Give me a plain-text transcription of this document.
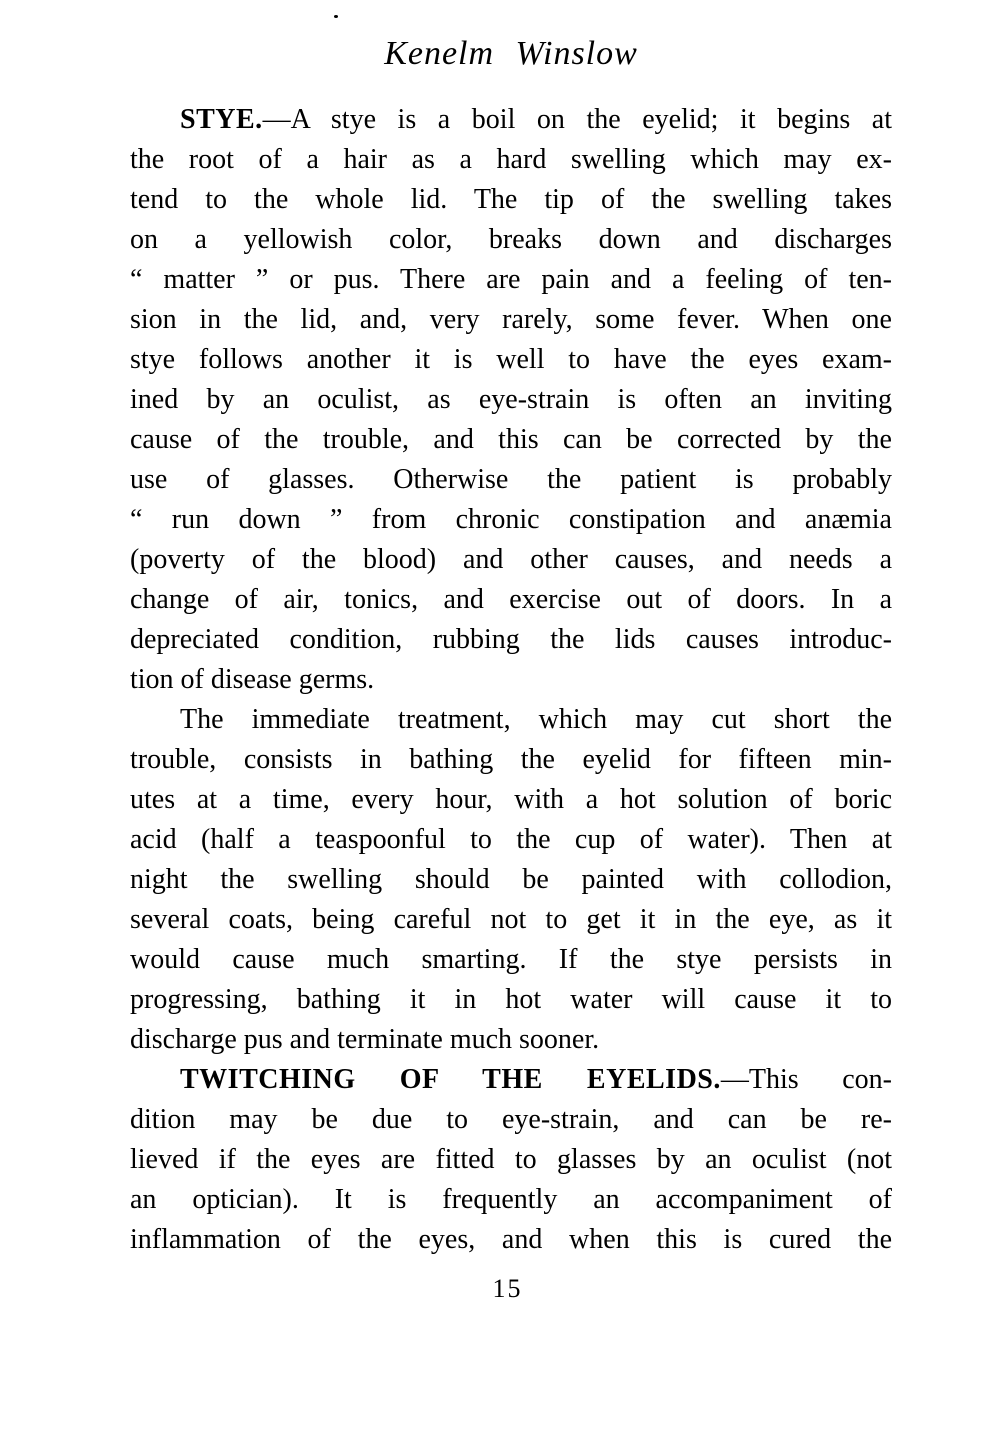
Kenelm Winslow
STYE.—A stye is a boil on the eyelid; it begins at
the root of a hair as a hard swelling which may ex-
tend to the whole lid. The tip of the swelling takes
on a yellowish color, breaks down and discharges
“ matter ” or pus. There are pain and a feeling of ten-
sion in the lid, and, very rarely, some fever. When one
stye follows another it is well to have the eyes exam-
ined by an oculist, as eye-strain is often an inviting
cause of the trouble, and this can be corrected by the
use of glasses. Otherwise the patient is probably
“ run down ” from chronic constipation and anæmia
(poverty of the blood) and other causes, and needs a
change of air, tonics, and exercise out of doors. In a
depreciated condition, rubbing the lids causes introduc-
tion of disease germs.
The immediate treatment, which may cut short the
trouble, consists in bathing the eyelid for fifteen min-
utes at a time, every hour, with a hot solution of boric
acid (half a teaspoonful to the cup of water). Then at
night the swelling should be painted with collodion,
several coats, being careful not to get it in the eye, as it
would cause much smarting. If the stye persists in
progressing, bathing it in hot water will cause it to
discharge pus and terminate much sooner.
TWITCHING OF THE EYELIDS.—This con-
dition may be due to eye-strain, and can be re-
lieved if the eyes are fitted to glasses by an oculist (not
an optician). It is frequently an accompaniment of
inflammation of the eyes, and when this is cured the
15
